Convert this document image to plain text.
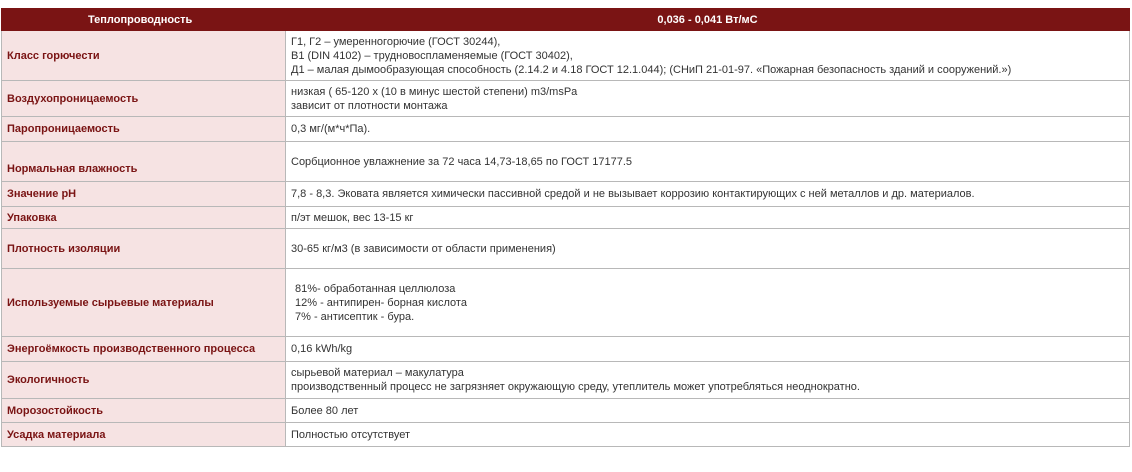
Теплопроводность	0,036 - 0,041 Вт/мС
Класс горючести	Г1, Г2 – умеренногорючие (ГОСТ 30244),
В1 (DIN 4102) – трудновоспламеняемые (ГОСТ 30402),
Д1 – малая дымообразующая способность (2.14.2 и 4.18 ГОСТ 12.1.044); (СНиП 21-01-97. «Пожарная безопасность зданий и сооружений.»)

Воздухопроницаемость	низкая ( 65-120 х (10 в минус шестой степени) m3/msPa
зависит от плотности монтажа

Паропроницаемость	0,3 мг/(м*ч*Па).

Нормальная влажность	Сорбционное увлажнение за 72 часа 14,73-18,65 по ГОСТ 17177.5

Значение pH	7,8 - 8,3. Эковата является химически пассивной средой и не вызывает коррозию контактирующих с ней металлов и др. материалов.

Упаковка	п/эт мешок, вес 13-15 кг

Плотность изоляции	30-65 кг/м3 (в зависимости от области применения)

Используемые сырьевые материалы	81%- обработанная целлюлоза
12% - антипирен- борная кислота
7% - антисептик - бура.

Энергоёмкость производственного процесса	0,16 kWh/kg

Экологичность	сырьевой материал – макулатура
производственный процесс не загрязняет окружающую среду, утеплитель может употребляться неоднократно.

Морозостойкость	Более 80 лет

Усадка материала	Полностью отсутствует
